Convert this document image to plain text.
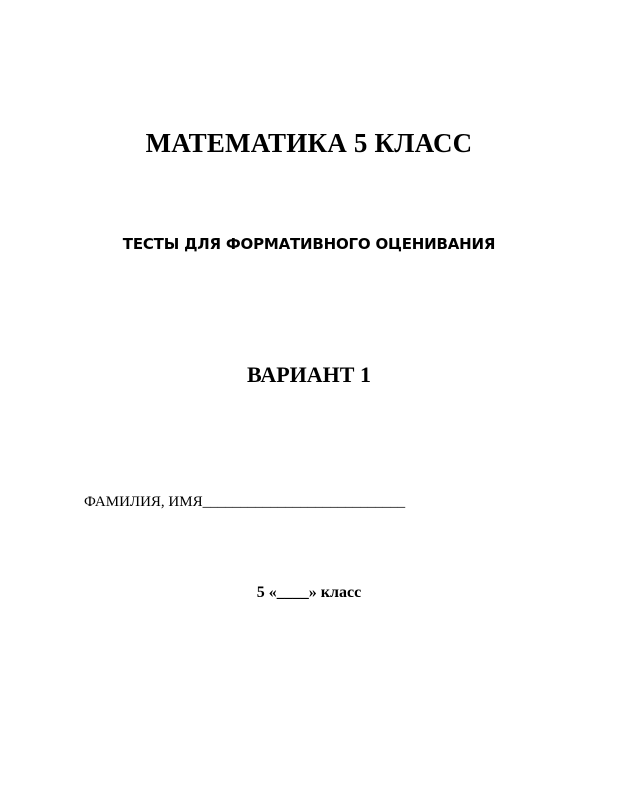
МАТЕМАТИКА 5 КЛАСС
ТЕСТЫ ДЛЯ ФОРМАТИВНОГО ОЦЕНИВАНИЯ
ВАРИАНТ 1
ФАМИЛИЯ, ИМЯ___________________________
5 «____» класс
